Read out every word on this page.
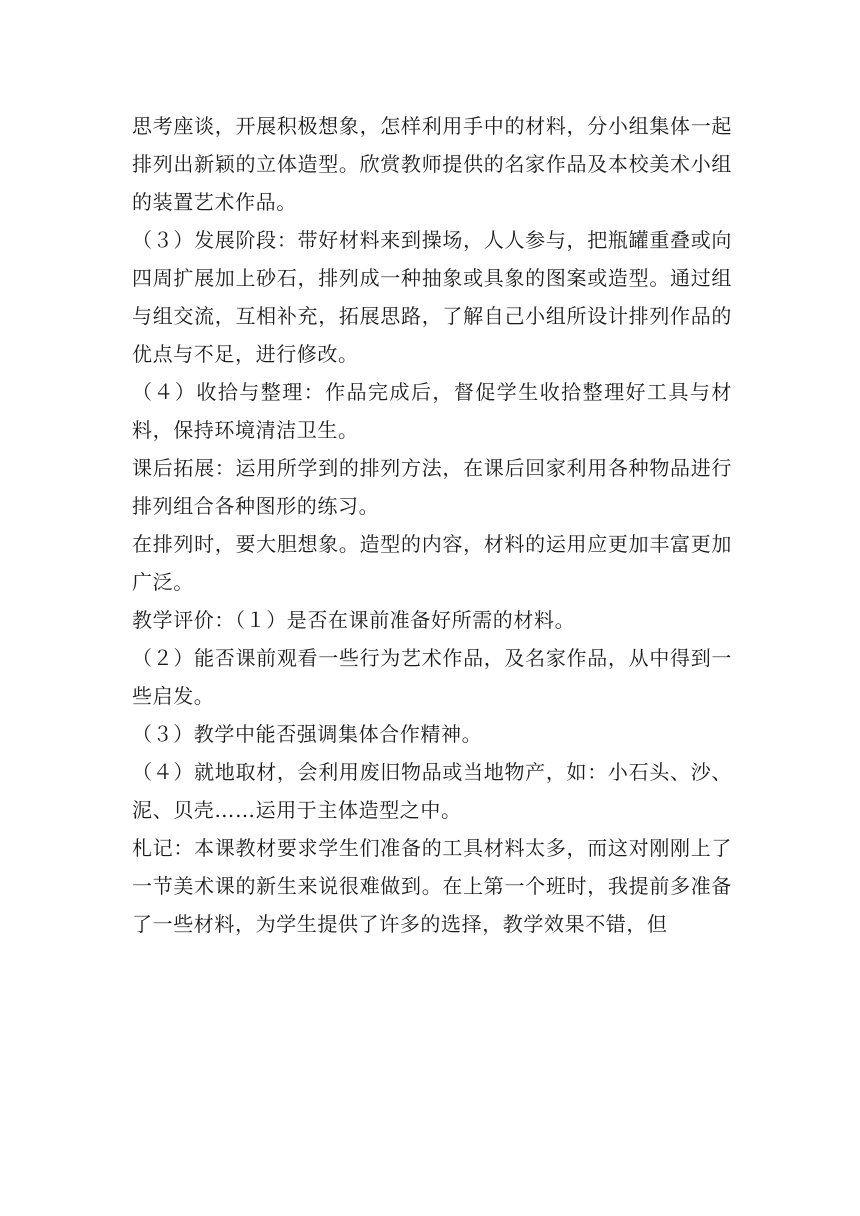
思考座谈，开展积极想象，怎样利用手中的材料，分小组集体一起排列出新颖的立体造型。欣赏教师提供的名家作品及本校美术小组的装置艺术作品。

（３）发展阶段：带好材料来到操场，人人参与，把瓶罐重叠或向四周扩展加上砂石，排列成一种抽象或具象的图案或造型。通过组与组交流，互相补充，拓展思路，了解自己小组所设计排列作品的优点与不足，进行修改。

（４）收拾与整理：作品完成后，督促学生收拾整理好工具与材料，保持环境清洁卫生。

课后拓展：运用所学到的排列方法，在课后回家利用各种物品进行排列组合各种图形的练习。

在排列时，要大胆想象。造型的内容，材料的运用应更加丰富更加广泛。

教学评价：（１）是否在课前准备好所需的材料。

（２）能否课前观看一些行为艺术作品，及名家作品，从中得到一些启发。

（３）教学中能否强调集体合作精神。

（４）就地取材，会利用废旧物品或当地物产，如：小石头、沙、泥、贝壳……运用于主体造型之中。

札记：本课教材要求学生们准备的工具材料太多，而这对刚刚上了一节美术课的新生来说很难做到。在上第一个班时，我提前多准备了一些材料，为学生提供了许多的选择，教学效果不错，但
